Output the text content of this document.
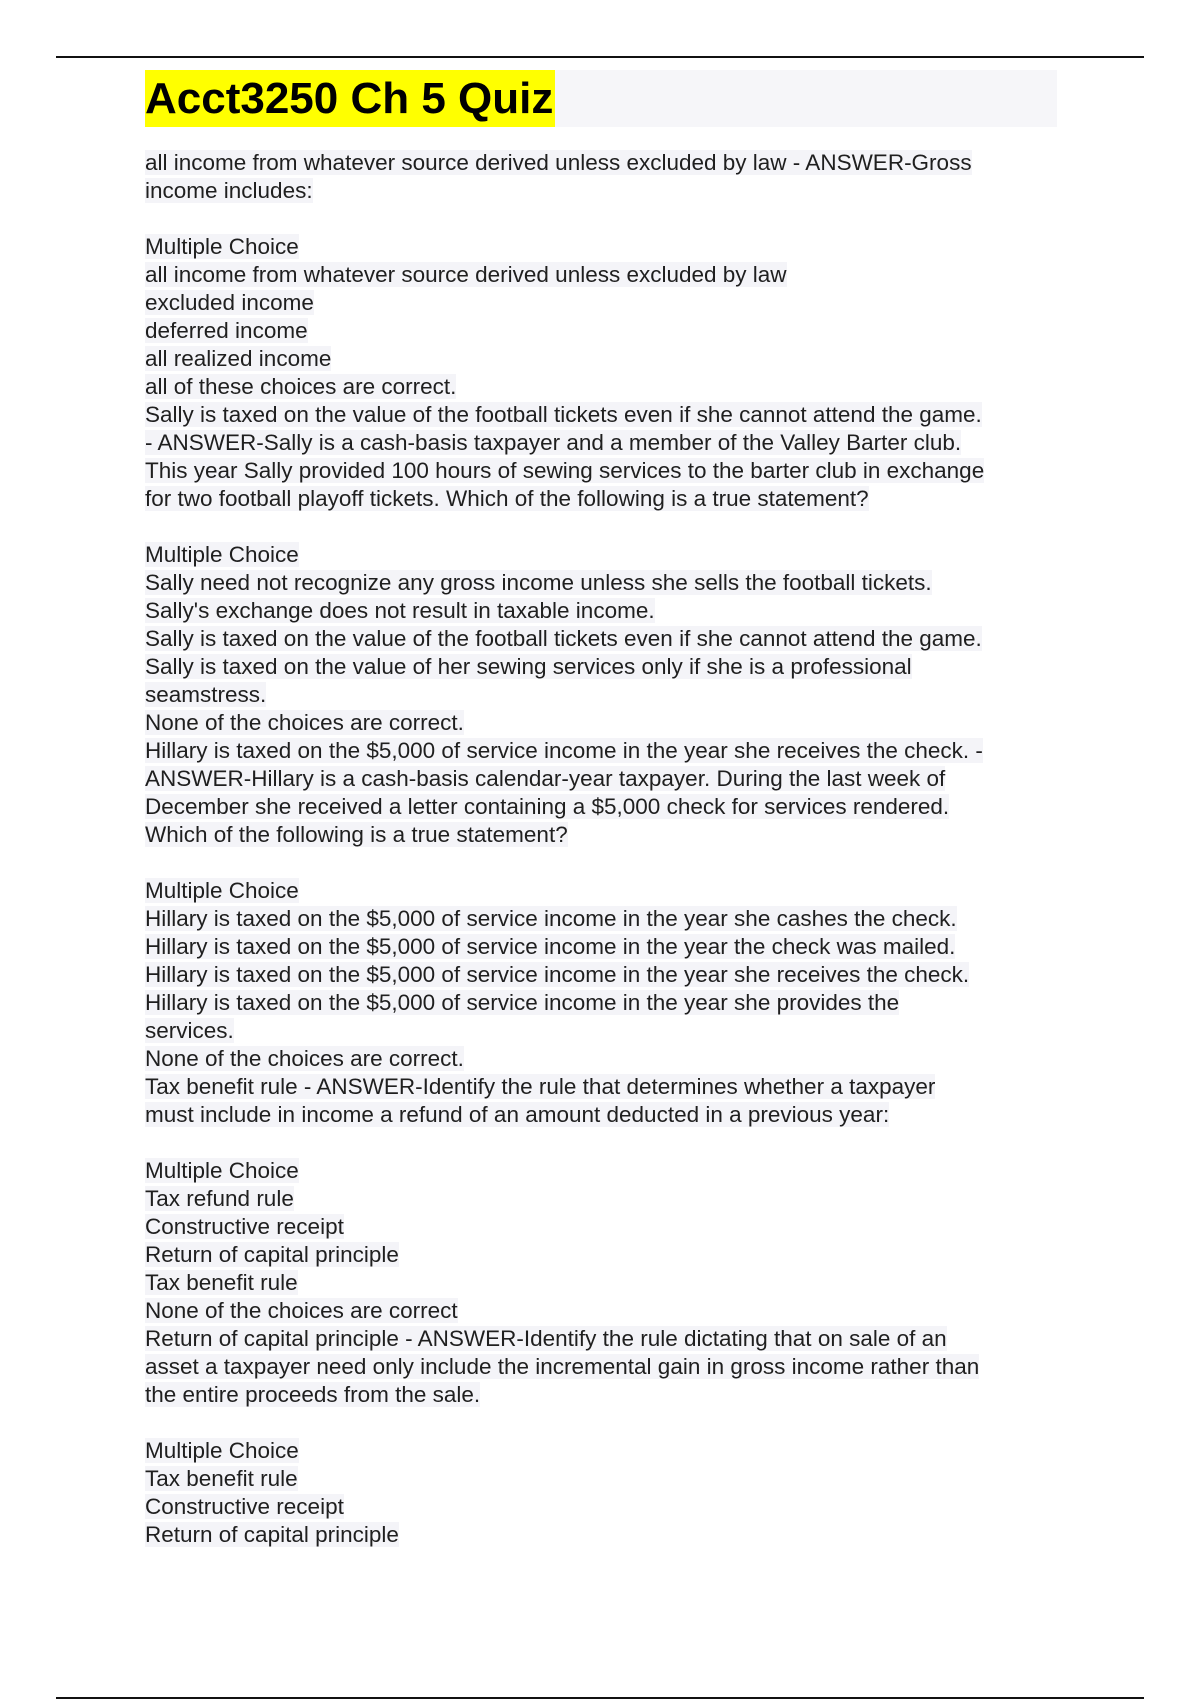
Acct3250 Ch 5 Quiz
all income from whatever source derived unless excluded by law - ANSWER-Gross
income includes:
Multiple Choice
all income from whatever source derived unless excluded by law
excluded income
deferred income
all realized income
all of these choices are correct.
Sally is taxed on the value of the football tickets even if she cannot attend the game.
- ANSWER-Sally is a cash-basis taxpayer and a member of the Valley Barter club.
This year Sally provided 100 hours of sewing services to the barter club in exchange
for two football playoff tickets. Which of the following is a true statement?
Multiple Choice
Sally need not recognize any gross income unless she sells the football tickets.
Sally's exchange does not result in taxable income.
Sally is taxed on the value of the football tickets even if she cannot attend the game.
Sally is taxed on the value of her sewing services only if she is a professional
seamstress.
None of the choices are correct.
Hillary is taxed on the $5,000 of service income in the year she receives the check. -
ANSWER-Hillary is a cash-basis calendar-year taxpayer. During the last week of
December she received a letter containing a $5,000 check for services rendered.
Which of the following is a true statement?
Multiple Choice
Hillary is taxed on the $5,000 of service income in the year she cashes the check.
Hillary is taxed on the $5,000 of service income in the year the check was mailed.
Hillary is taxed on the $5,000 of service income in the year she receives the check.
Hillary is taxed on the $5,000 of service income in the year she provides the
services.
None of the choices are correct.
Tax benefit rule - ANSWER-Identify the rule that determines whether a taxpayer
must include in income a refund of an amount deducted in a previous year:
Multiple Choice
Tax refund rule
Constructive receipt
Return of capital principle
Tax benefit rule
None of the choices are correct
Return of capital principle - ANSWER-Identify the rule dictating that on sale of an
asset a taxpayer need only include the incremental gain in gross income rather than
the entire proceeds from the sale.
Multiple Choice
Tax benefit rule
Constructive receipt
Return of capital principle
